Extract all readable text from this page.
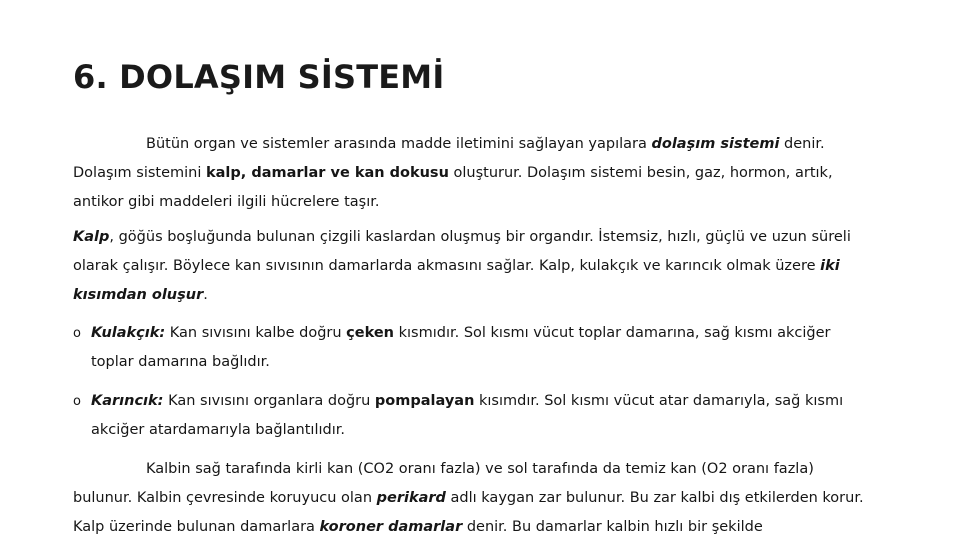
6. DOLAŞIM SİSTEMİ
Bütün organ ve sistemler arasında madde iletimini sağlayan yapılara dolaşım sistemi denir. Dolaşım sistemini kalp, damarlar ve kan dokusu oluşturur. Dolaşım sistemi besin, gaz, hormon, artık, antikor gibi maddeleri ilgili hücrelere taşır.
Kalp, göğüs boşluğunda bulunan çizgili kaslardan oluşmuş bir organdır. İstemsiz, hızlı, güçlü ve uzun süreli olarak çalışır. Böylece kan sıvısının damarlarda akmasını sağlar. Kalp, kulakçık ve karıncık olmak üzere iki kısımdan oluşur.
o Kulakçık: Kan sıvısını kalbe doğru çeken kısmıdır. Sol kısmı vücut toplar damarına, sağ kısmı akciğer toplar damarına bağlıdır.
o Karıncık: Kan sıvısını organlara doğru pompalayan kısımdır. Sol kısmı vücut atar damarıyla, sağ kısmı akciğer atardamarıyla bağlantılıdır.
Kalbin sağ tarafında kirli kan (CO2 oranı fazla) ve sol tarafında da temiz kan (O2 oranı fazla) bulunur. Kalbin çevresinde koruyucu olan perikard adlı kaygan zar bulunur. Bu zar kalbi dış etkilerden korur. Kalp üzerinde bulunan damarlara koroner damarlar denir. Bu damarlar kalbin hızlı bir şekilde
